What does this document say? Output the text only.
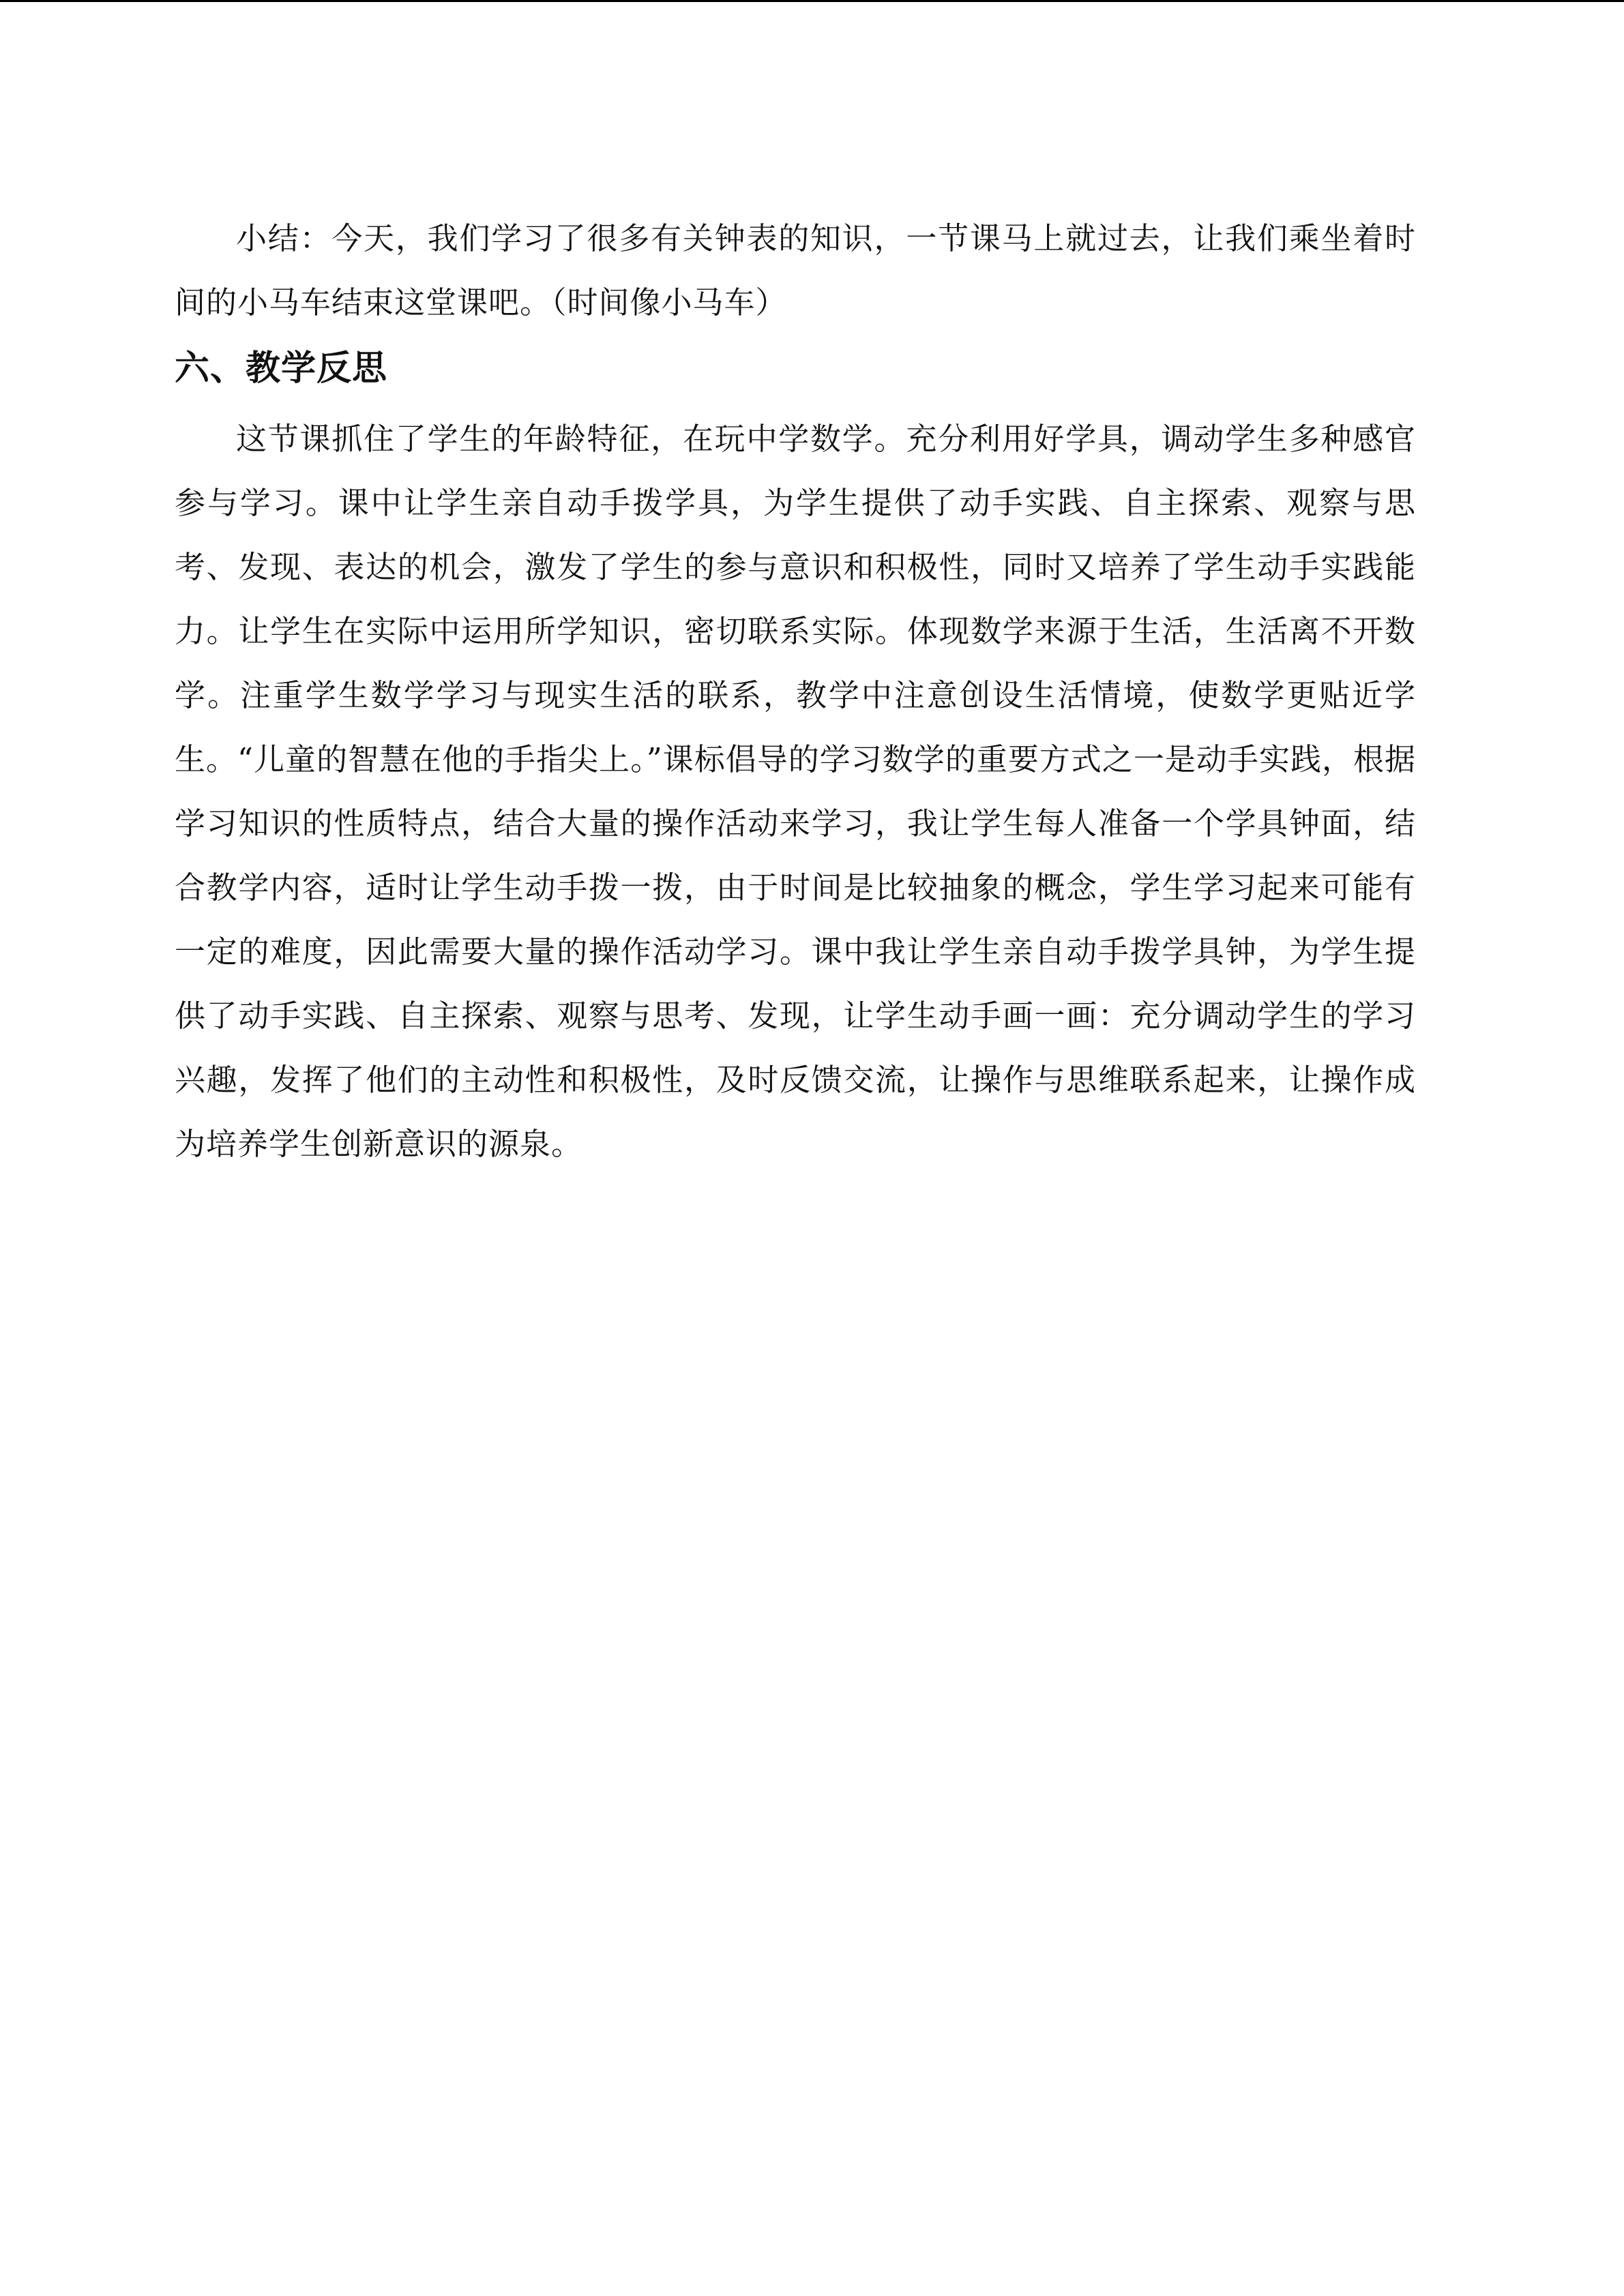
小结：今天，我们学习了很多有关钟表的知识，一节课马上就过去，让我们乘坐着时间的小马车结束这堂课吧。（时间像小马车）

六、教学反思

这节课抓住了学生的年龄特征，在玩中学数学。充分利用好学具，调动学生多种感官参与学习。课中让学生亲自动手拨学具，为学生提供了动手实践、自主探索、观察与思考、发现、表达的机会，激发了学生的参与意识和积极性，同时又培养了学生动手实践能力。让学生在实际中运用所学知识，密切联系实际。体现数学来源于生活，生活离不开数学。注重学生数学学习与现实生活的联系，教学中注意创设生活情境，使数学更贴近学生。“儿童的智慧在他的手指尖上。”课标倡导的学习数学的重要方式之一是动手实践，根据学习知识的性质特点，结合大量的操作活动来学习，我让学生每人准备一个学具钟面，结合教学内容，适时让学生动手拨一拨，由于时间是比较抽象的概念，学生学习起来可能有一定的难度，因此需要大量的操作活动学习。课中我让学生亲自动手拨学具钟，为学生提供了动手实践、自主探索、观察与思考、发现，让学生动手画一画：充分调动学生的学习兴趣，发挥了他们的主动性和积极性，及时反馈交流，让操作与思维联系起来，让操作成为培养学生创新意识的源泉。
